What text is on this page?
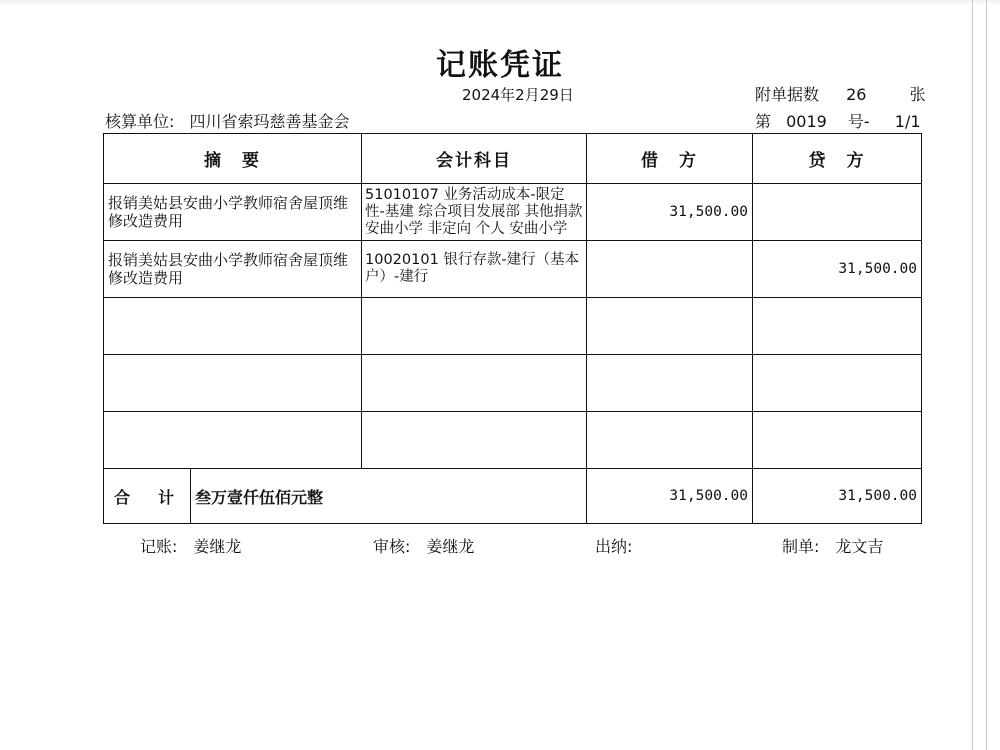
记账凭证
2024年2月29日	附单据数 26	张
核算单位: 四川省索玛慈善基金会	第 0019 号- 1/1
摘　要	会计科目	借　方	贷　方
报销美姑县安曲小学教师宿舍屋顶维修改造费用	51010107 业务活动成本-限定性-基建 综合项目发展部 其他捐款 安曲小学 非定向 个人 安曲小学	31,500.00	
报销美姑县安曲小学教师宿舍屋顶维修改造费用	10020101 银行存款-建行（基本户）-建行		31,500.00

合　计 叁万壹仟伍佰元整		31,500.00	31,500.00
记账:　姜继龙	审核:　姜继龙	出纳:	制单:　龙文吉
